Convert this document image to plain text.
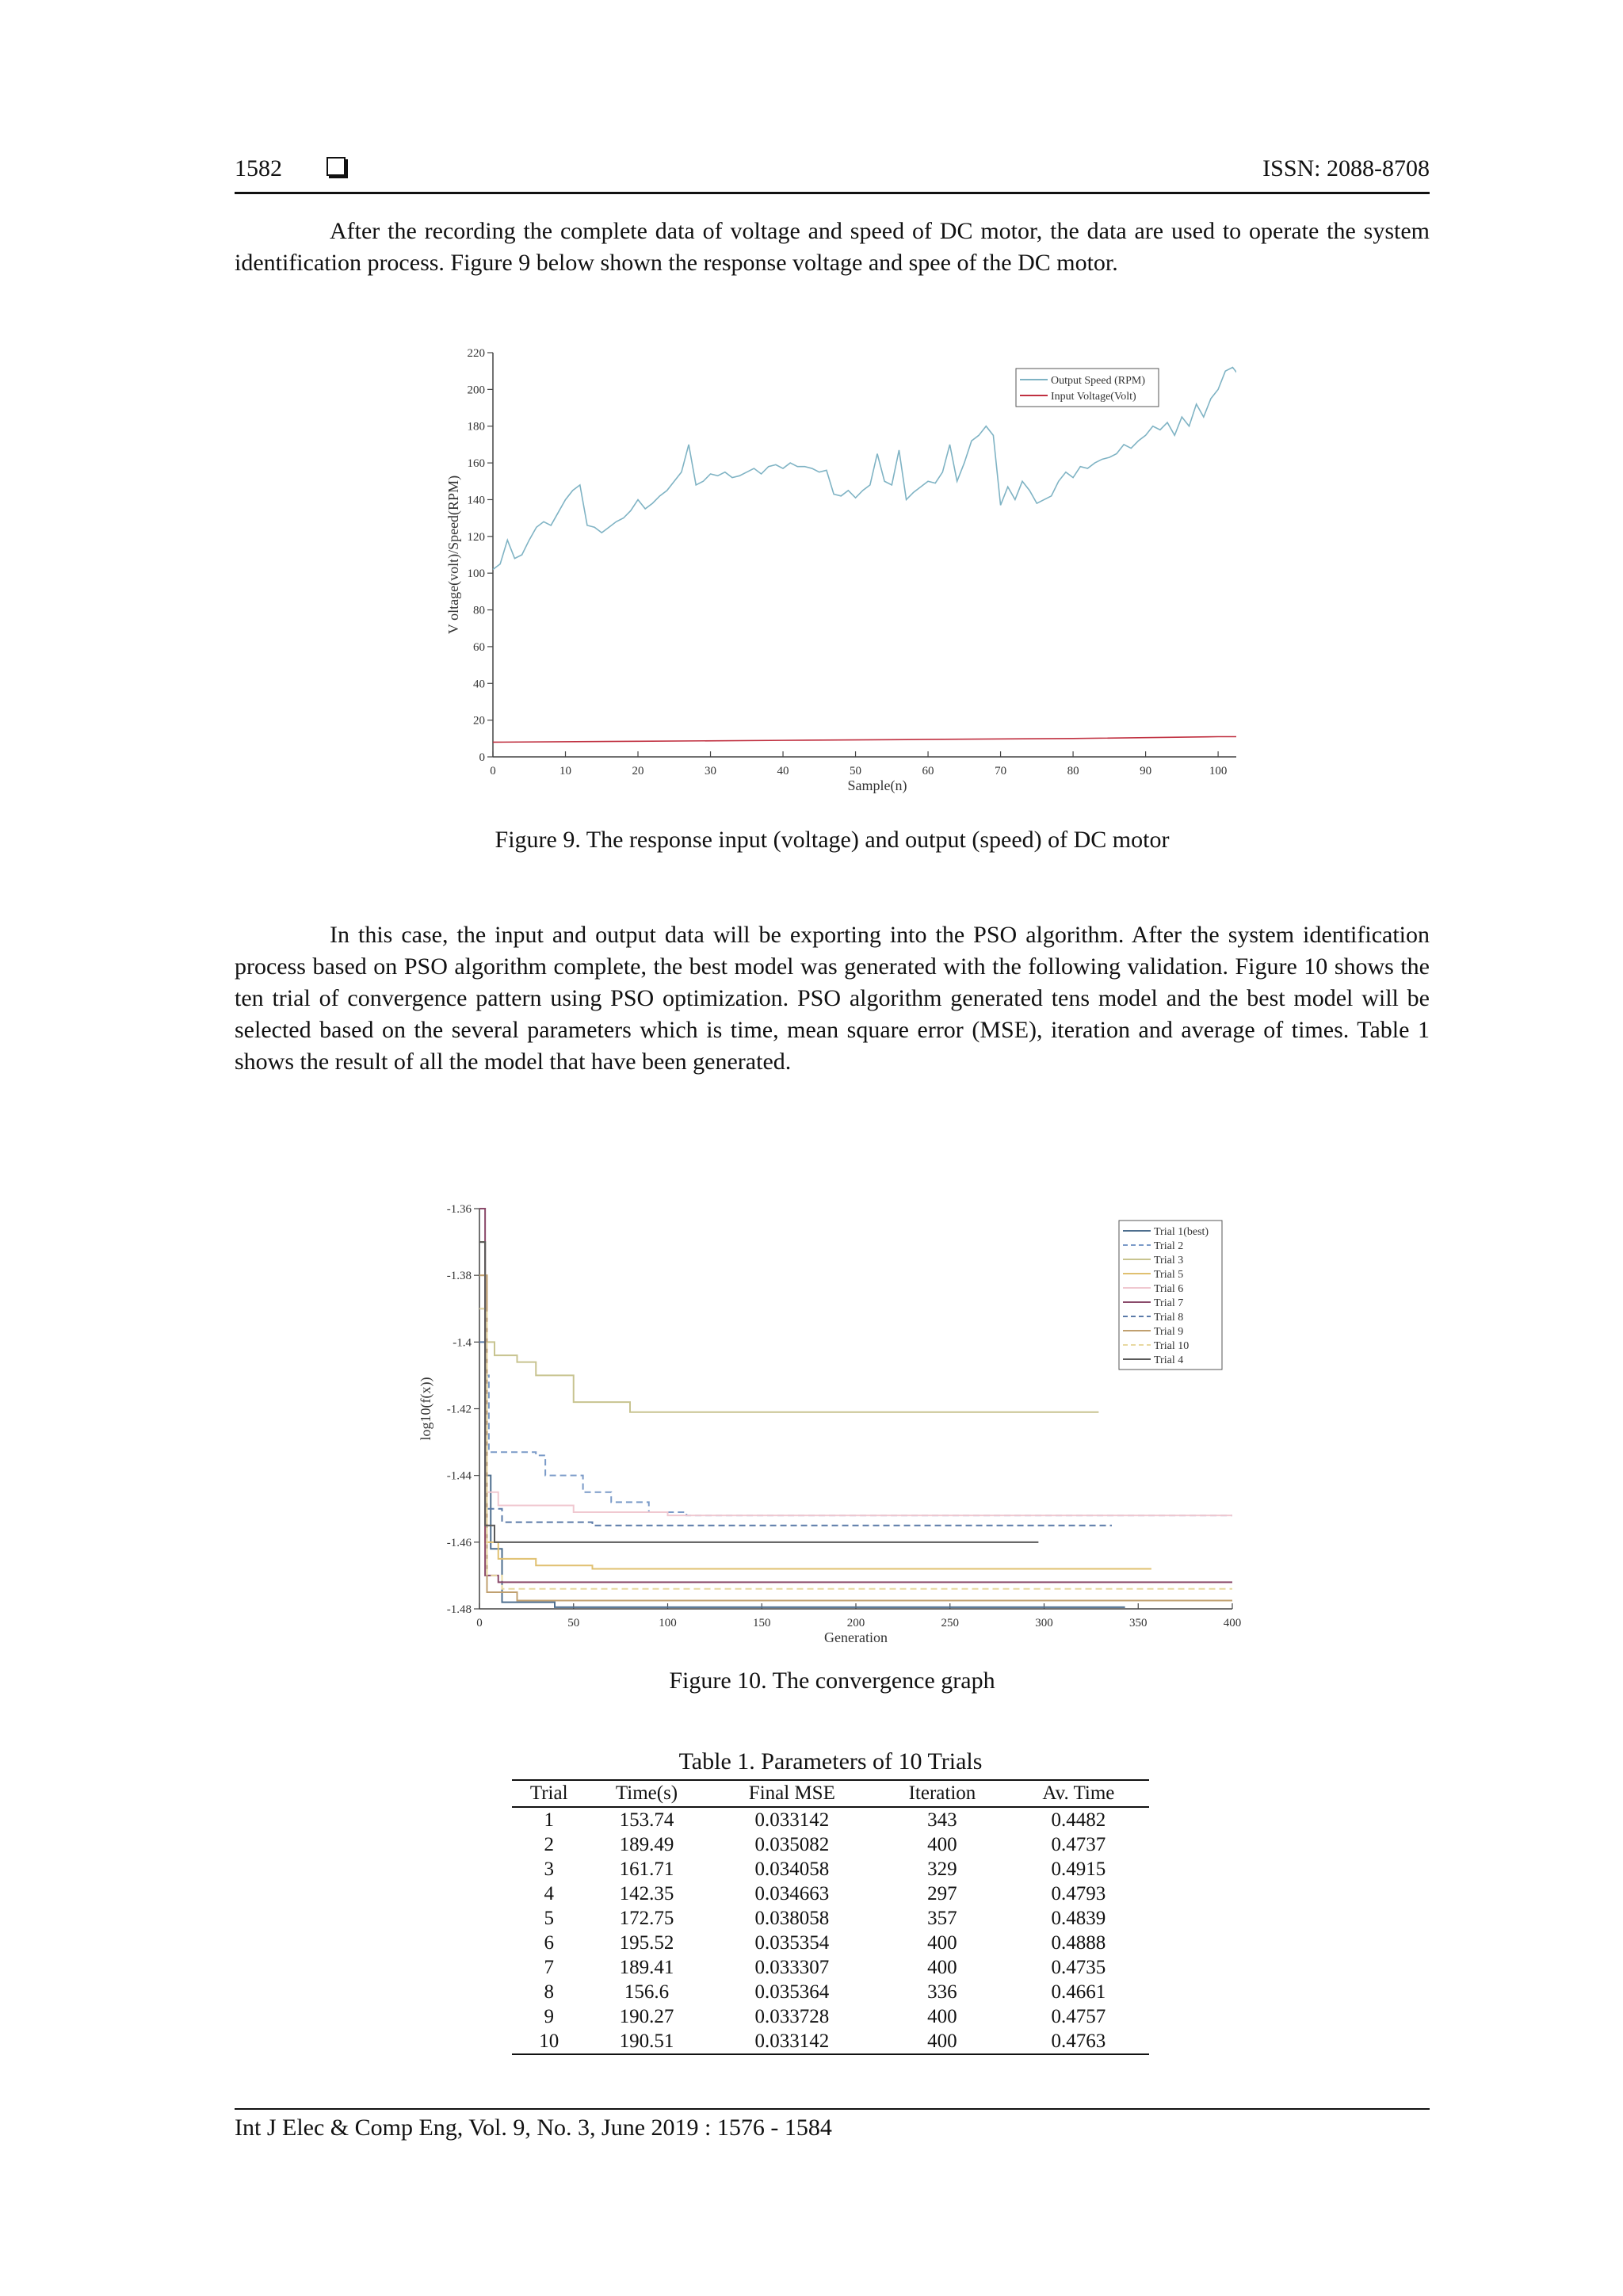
1582	ISSN: 2088-8708

After the recording the complete data of voltage and speed of DC motor, the data are used to operate the system identification process. Figure 9 below shown the response voltage and spee of the DC motor.

0	10	20	30	40	50	60	70	80	90	100
0
20
40
60
80
100
120
140
160
180
200
220
Sample(n)
V oltage(volt)/Speed(RPM)
Output Speed (RPM)
Input Voltage(Volt)
Figure 9. The response input (voltage) and output (speed) of DC motor

In this case, the input and output data will be exporting into the PSO algorithm. After the system identification process based on PSO algorithm complete, the best model was generated with the following validation. Figure 10 shows the ten trial of convergence pattern using PSO optimization. PSO algorithm generated tens model and the best model will be selected based on the several parameters which is time, mean square error (MSE), iteration and average of times. Table 1 shows the result of all the model that have been generated.

0	50	100	150	200	250	300	350	400
-1.36
-1.38
-1.4
-1.42
-1.44
-1.46
-1.48
Generation
log10(f(x))
Trial 1(best)
Trial 2
Trial 3
Trial 5
Trial 6
Trial 7
Trial 8
Trial 9
Trial 10
Trial 4
Figure 10. The convergence graph
Table 1. Parameters of 10 Trials
Trial	Time(s)	Final MSE	Iteration	Av. Time
1	153.74	0.033142	343	0.4482
2	189.49	0.035082	400	0.4737
3	161.71	0.034058	329	0.4915
4	142.35	0.034663	297	0.4793
5	172.75	0.038058	357	0.4839
6	195.52	0.035354	400	0.4888
7	189.41	0.033307	400	0.4735
8	156.6	0.035364	336	0.4661
9	190.27	0.033728	400	0.4757
10	190.51	0.033142	400	0.4763
Int J Elec & Comp Eng, Vol. 9, No. 3, June 2019 : 1576 - 1584
